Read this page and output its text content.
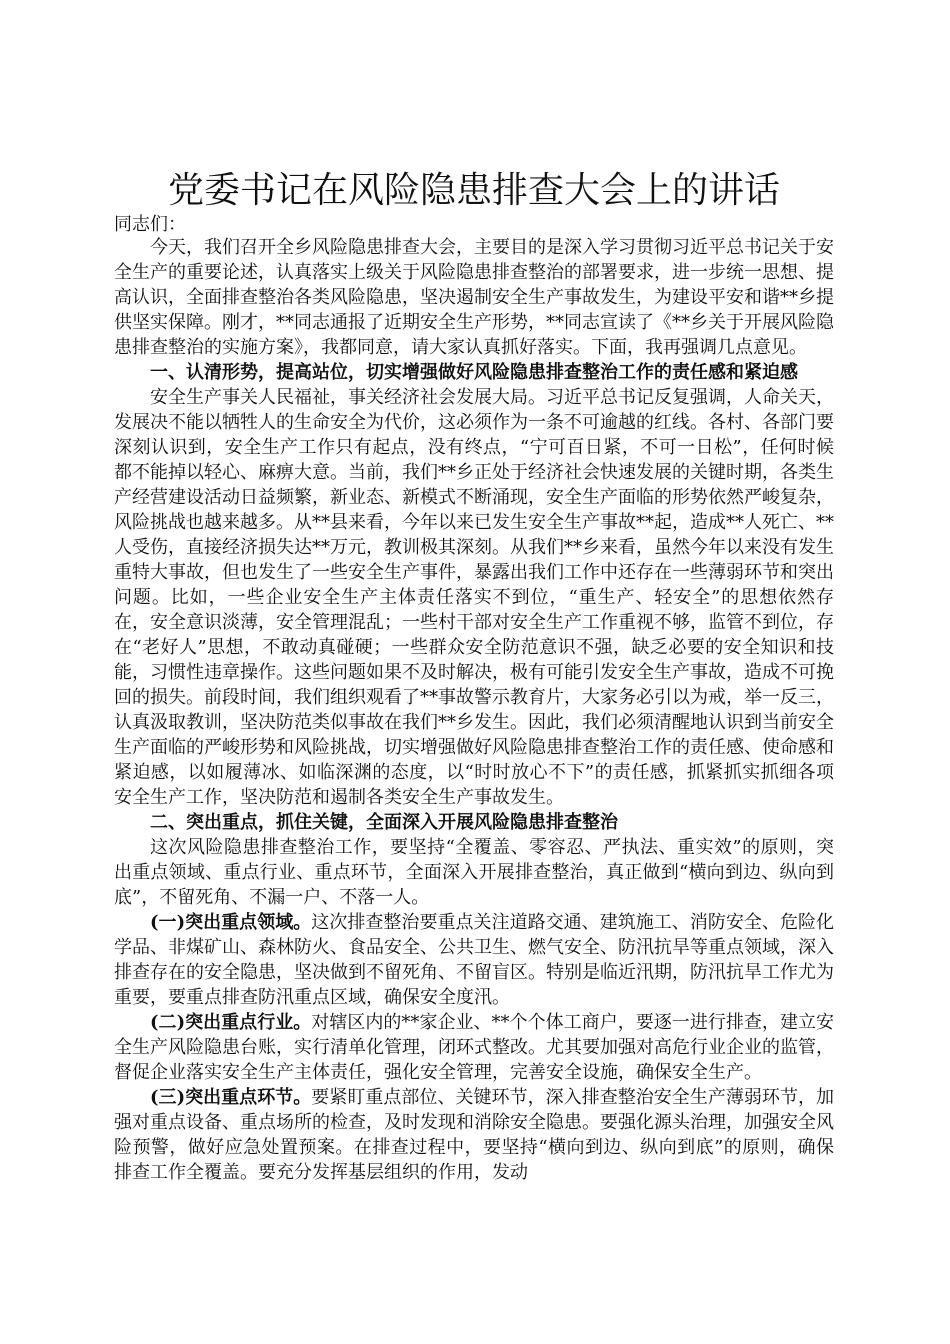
党委书记在风险隐患排查大会上的讲话

同志们：

今天，我们召开全乡风险隐患排查大会，主要目的是深入学习贯彻习近平总书记关于安全生产的重要论述，认真落实上级关于风险隐患排查整治的部署要求，进一步统一思想、提高认识，全面排查整治各类风险隐患，坚决遏制安全生产事故发生，为建设平安和谐**乡提供坚实保障。刚才，**同志通报了近期安全生产形势，**同志宣读了《**乡关于开展风险隐患排查整治的实施方案》，我都同意，请大家认真抓好落实。下面，我再强调几点意见。

一、认清形势，提高站位，切实增强做好风险隐患排查整治工作的责任感和紧迫感

安全生产事关人民福祉，事关经济社会发展大局。习近平总书记反复强调，人命关天，发展决不能以牺牲人的生命安全为代价，这必须作为一条不可逾越的红线。各村、各部门要深刻认识到，安全生产工作只有起点，没有终点，“宁可百日紧，不可一日松”，任何时候都不能掉以轻心、麻痹大意。当前，我们**乡正处于经济社会快速发展的关键时期，各类生产经营建设活动日益频繁，新业态、新模式不断涌现，安全生产面临的形势依然严峻复杂，风险挑战也越来越多。从**县来看，今年以来已发生安全生产事故**起，造成**人死亡、**人受伤，直接经济损失达**万元，教训极其深刻。从我们**乡来看，虽然今年以来没有发生重特大事故，但也发生了一些安全生产事件，暴露出我们工作中还存在一些薄弱环节和突出问题。比如，一些企业安全生产主体责任落实不到位，“重生产、轻安全”的思想依然存在，安全意识淡薄，安全管理混乱；一些村干部对安全生产工作重视不够，监管不到位，存在“老好人”思想，不敢动真碰硬；一些群众安全防范意识不强，缺乏必要的安全知识和技能，习惯性违章操作。这些问题如果不及时解决，极有可能引发安全生产事故，造成不可挽回的损失。前段时间，我们组织观看了**事故警示教育片，大家务必引以为戒，举一反三，认真汲取教训，坚决防范类似事故在我们**乡发生。因此，我们必须清醒地认识到当前安全生产面临的严峻形势和风险挑战，切实增强做好风险隐患排查整治工作的责任感、使命感和紧迫感，以如履薄冰、如临深渊的态度，以“时时放心不下”的责任感，抓紧抓实抓细各项安全生产工作，坚决防范和遏制各类安全生产事故发生。

二、突出重点，抓住关键，全面深入开展风险隐患排查整治

这次风险隐患排查整治工作，要坚持“全覆盖、零容忍、严执法、重实效”的原则，突出重点领域、重点行业、重点环节，全面深入开展排查整治，真正做到“横向到边、纵向到底”，不留死角、不漏一户、不落一人。

(一)突出重点领域。这次排查整治要重点关注道路交通、建筑施工、消防安全、危险化学品、非煤矿山、森林防火、食品安全、公共卫生、燃气安全、防汛抗旱等重点领域，深入排查存在的安全隐患，坚决做到不留死角、不留盲区。特别是临近汛期，防汛抗旱工作尤为重要，要重点排查防汛重点区域，确保安全度汛。

(二)突出重点行业。对辖区内的**家企业、**个个体工商户，要逐一进行排查，建立安全生产风险隐患台账，实行清单化管理，闭环式整改。尤其要加强对高危行业企业的监管，督促企业落实安全生产主体责任，强化安全管理，完善安全设施，确保安全生产。

(三)突出重点环节。要紧盯重点部位、关键环节，深入排查整治安全生产薄弱环节，加强对重点设备、重点场所的检查，及时发现和消除安全隐患。要强化源头治理，加强安全风险预警，做好应急处置预案。在排查过程中，要坚持“横向到边、纵向到底”的原则，确保排查工作全覆盖。要充分发挥基层组织的作用，发动
